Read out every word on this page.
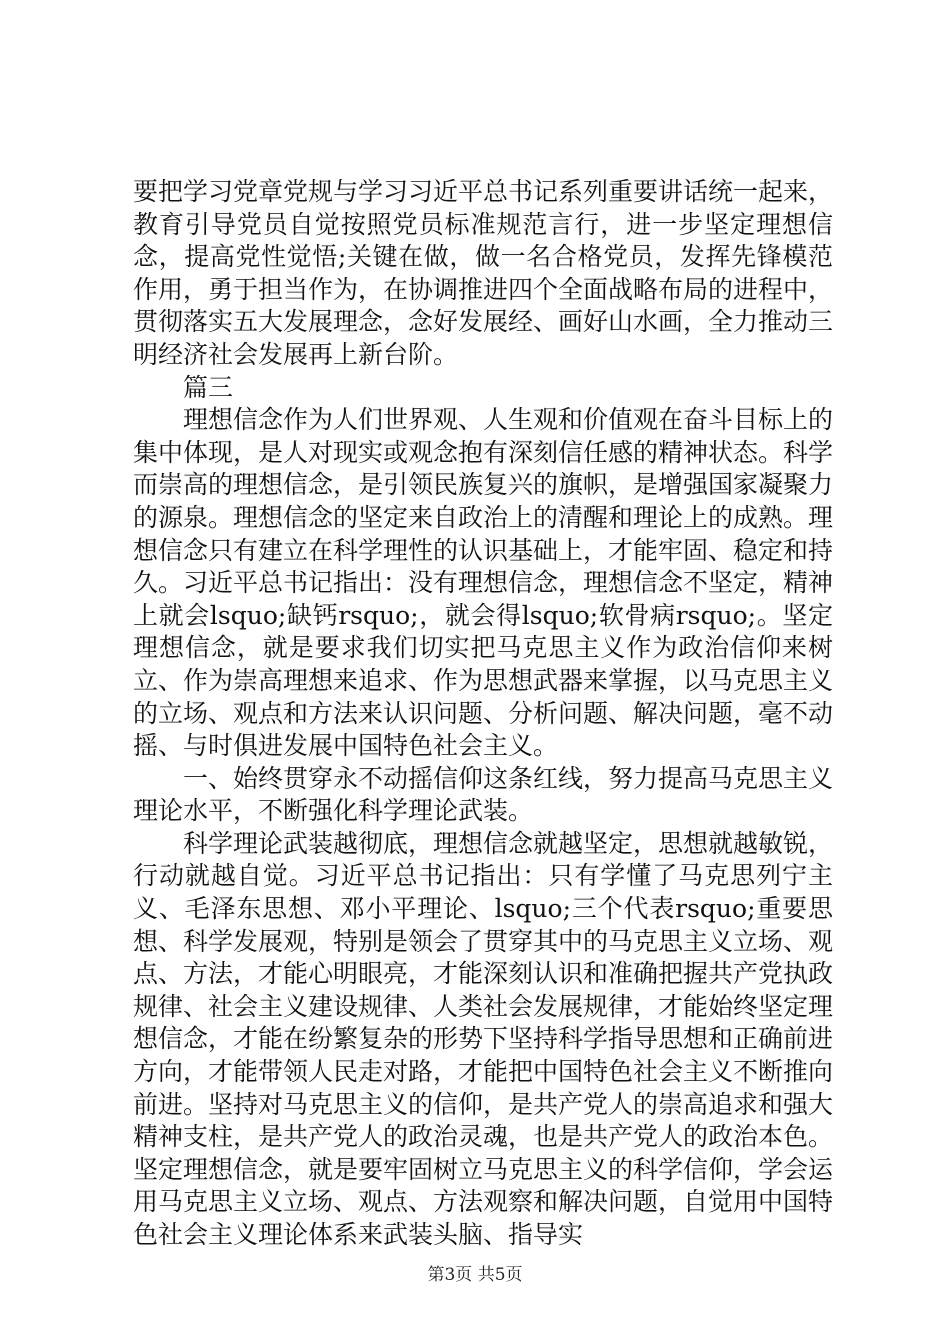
要把学习党章党规与学习习近平总书记系列重要讲话统一起来，教育引导党员自觉按照党员标准规范言行，进一步坚定理想信念，提高党性觉悟;关键在做，做一名合格党员，发挥先锋模范作用，勇于担当作为，在协调推进四个全面战略布局的进程中，贯彻落实五大发展理念，念好发展经、画好山水画，全力推动三明经济社会发展再上新台阶。

篇三

理想信念作为人们世界观、人生观和价值观在奋斗目标上的集中体现，是人对现实或观念抱有深刻信任感的精神状态。科学而崇高的理想信念，是引领民族复兴的旗帜，是增强国家凝聚力的源泉。理想信念的坚定来自政治上的清醒和理论上的成熟。理想信念只有建立在科学理性的认识基础上，才能牢固、稳定和持久。习近平总书记指出：没有理想信念，理想信念不坚定，精神上就会lsquo;缺钙rsquo;，就会得lsquo;软骨病rsquo;。坚定理想信念，就是要求我们切实把马克思主义作为政治信仰来树立、作为崇高理想来追求、作为思想武器来掌握，以马克思主义的立场、观点和方法来认识问题、分析问题、解决问题，毫不动摇、与时俱进发展中国特色社会主义。

一、始终贯穿永不动摇信仰这条红线，努力提高马克思主义理论水平，不断强化科学理论武装。

科学理论武装越彻底，理想信念就越坚定，思想就越敏锐，行动就越自觉。习近平总书记指出：只有学懂了马克思列宁主义、毛泽东思想、邓小平理论、lsquo;三个代表rsquo;重要思想、科学发展观，特别是领会了贯穿其中的马克思主义立场、观点、方法，才能心明眼亮，才能深刻认识和准确把握共产党执政规律、社会主义建设规律、人类社会发展规律，才能始终坚定理想信念，才能在纷繁复杂的形势下坚持科学指导思想和正确前进方向，才能带领人民走对路，才能把中国特色社会主义不断推向前进。坚持对马克思主义的信仰，是共产党人的崇高追求和强大精神支柱，是共产党人的政治灵魂，也是共产党人的政治本色。坚定理想信念，就是要牢固树立马克思主义的科学信仰，学会运用马克思主义立场、观点、方法观察和解决问题，自觉用中国特色社会主义理论体系来武装头脑、指导实

第3页 共5页
